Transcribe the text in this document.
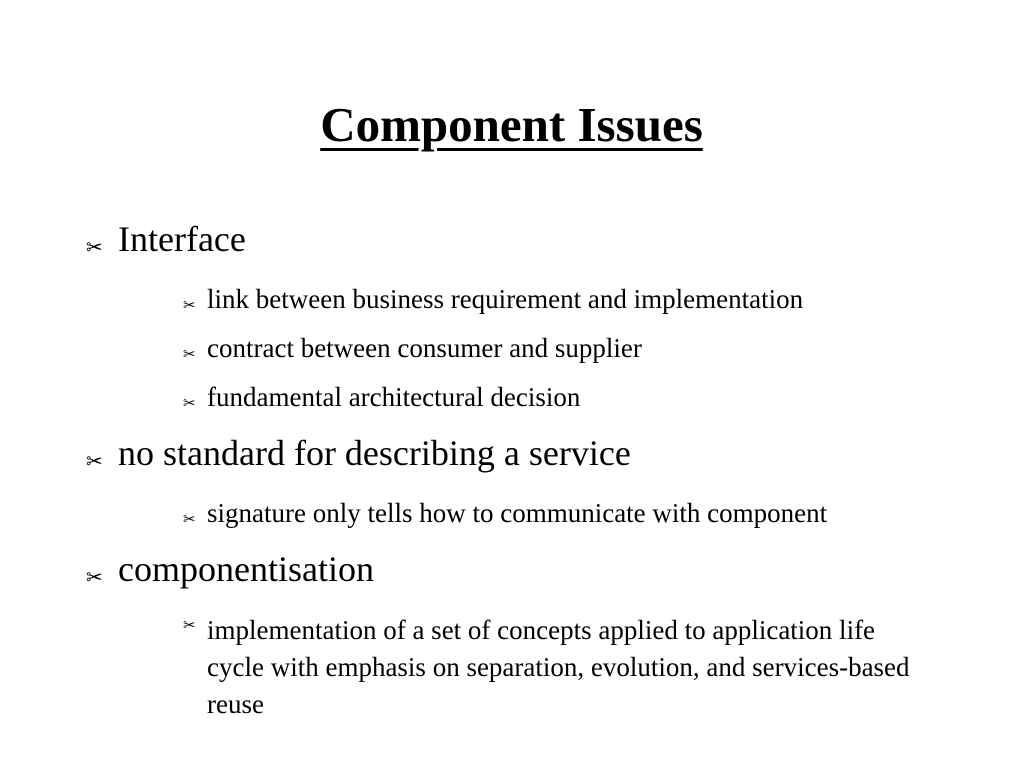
Component Issues
✂ Interface
✂ link between business requirement and implementation
✂ contract between consumer and supplier
✂ fundamental architectural decision
✂ no standard for describing a service
✂ signature only tells how to communicate with component
✂ componentisation
✂ implementation of a set of concepts applied to application life cycle with emphasis on separation, evolution, and services-based reuse
